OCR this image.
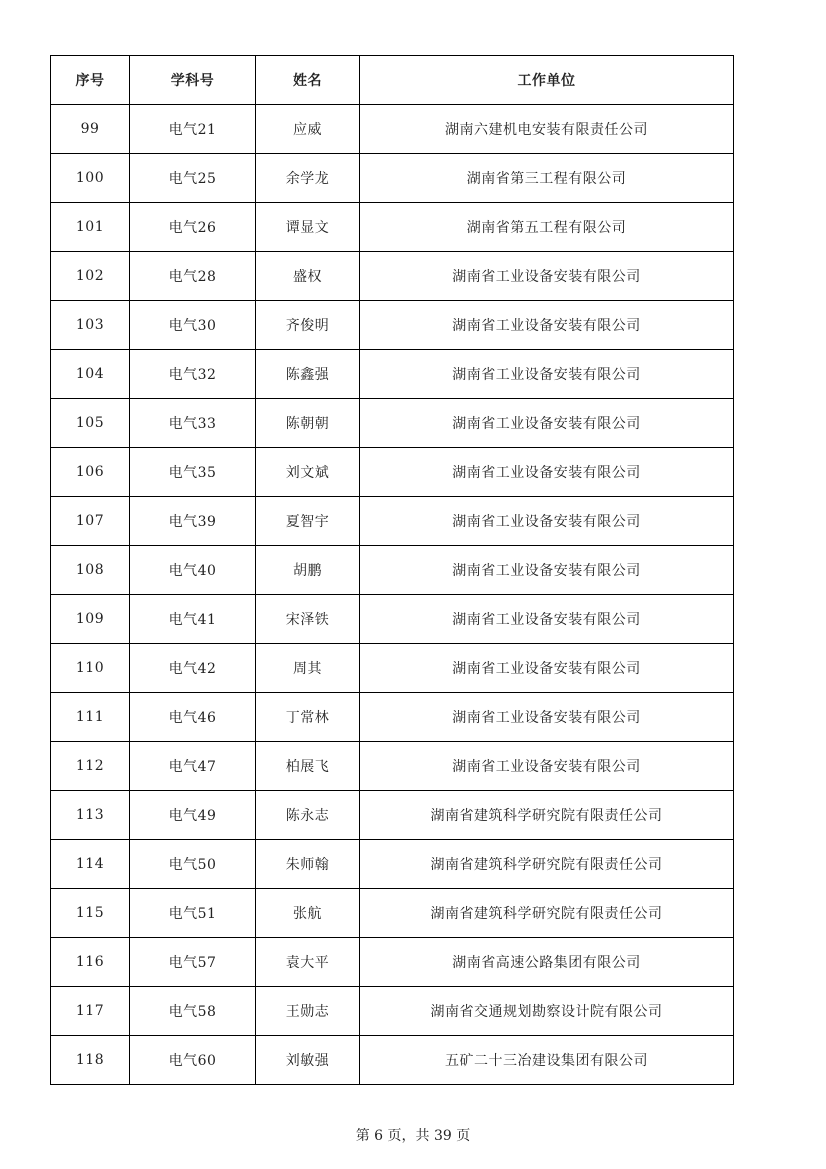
序号	学科号	姓名	工作单位
99	电气21	应威	湖南六建机电安装有限责任公司
100	电气25	余学龙	湖南省第三工程有限公司
101	电气26	谭显文	湖南省第五工程有限公司
102	电气28	盛权	湖南省工业设备安装有限公司
103	电气30	齐俊明	湖南省工业设备安装有限公司
104	电气32	陈鑫强	湖南省工业设备安装有限公司
105	电气33	陈朝朝	湖南省工业设备安装有限公司
106	电气35	刘文斌	湖南省工业设备安装有限公司
107	电气39	夏智宇	湖南省工业设备安装有限公司
108	电气40	胡鹏	湖南省工业设备安装有限公司
109	电气41	宋泽铁	湖南省工业设备安装有限公司
110	电气42	周其	湖南省工业设备安装有限公司
111	电气46	丁常林	湖南省工业设备安装有限公司
112	电气47	柏展飞	湖南省工业设备安装有限公司
113	电气49	陈永志	湖南省建筑科学研究院有限责任公司
114	电气50	朱师翰	湖南省建筑科学研究院有限责任公司
115	电气51	张航	湖南省建筑科学研究院有限责任公司
116	电气57	袁大平	湖南省高速公路集团有限公司
117	电气58	王勋志	湖南省交通规划勘察设计院有限公司
118	电气60	刘敏强	五矿二十三冶建设集团有限公司
第 6 页，共 39 页
